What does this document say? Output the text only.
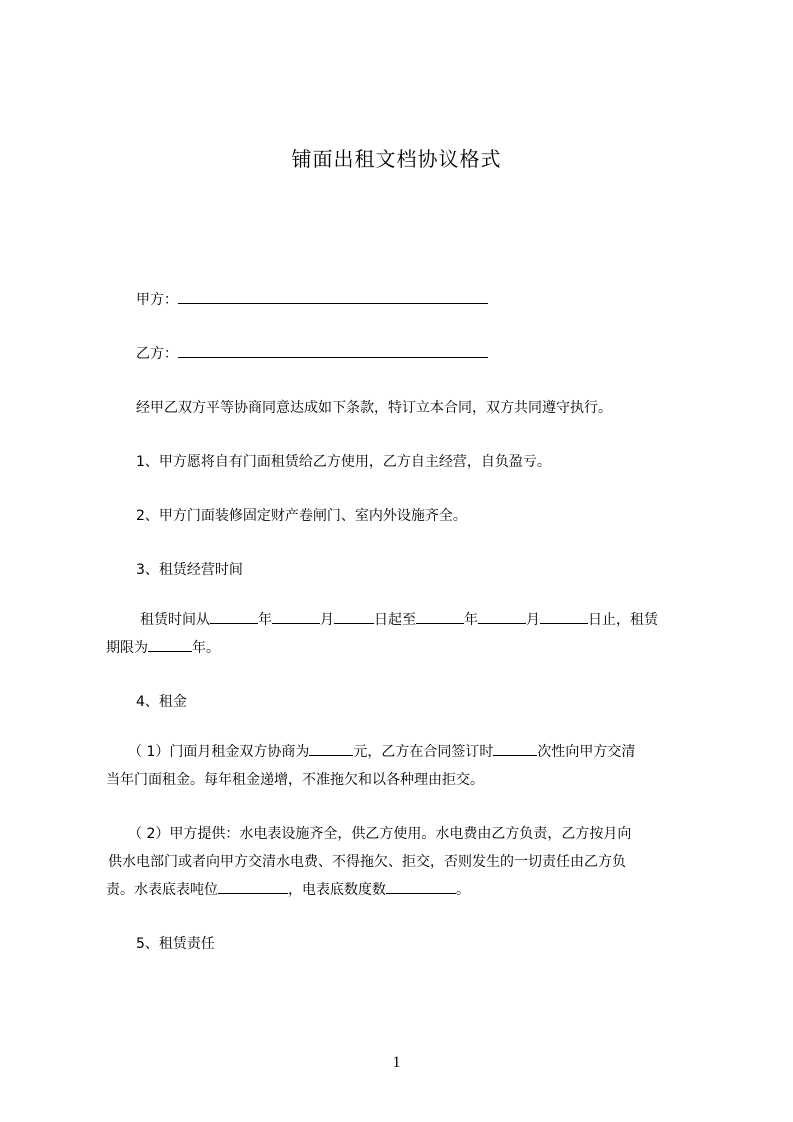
铺面出租文档协议格式
甲方：
乙方：
经甲乙双方平等协商同意达成如下条款，特订立本合同，双方共同遵守执行。
1、甲方愿将自有门面租赁给乙方使用，乙方自主经营，自负盈亏。
2、甲方门面装修固定财产卷闸门、室内外设施齐全。
3、租赁经营时间
租赁时间从	年	月	日起至	年	月	日止，租赁
期限为	年。
4、租金
（ 1）门面月租金双方协商为	元，乙方在合同签订时	次性向甲方交清
当年门面租金。每年租金递增，不准拖欠和以各种理由拒交。
（ 2）甲方提供：水电表设施齐全，供乙方使用。水电费由乙方负责，乙方按月向
供水电部门或者向甲方交清水电费、不得拖欠、拒交，否则发生的一切责任由乙方负
责。水表底表吨位	，电表底数度数	。
5、租赁责任
1
